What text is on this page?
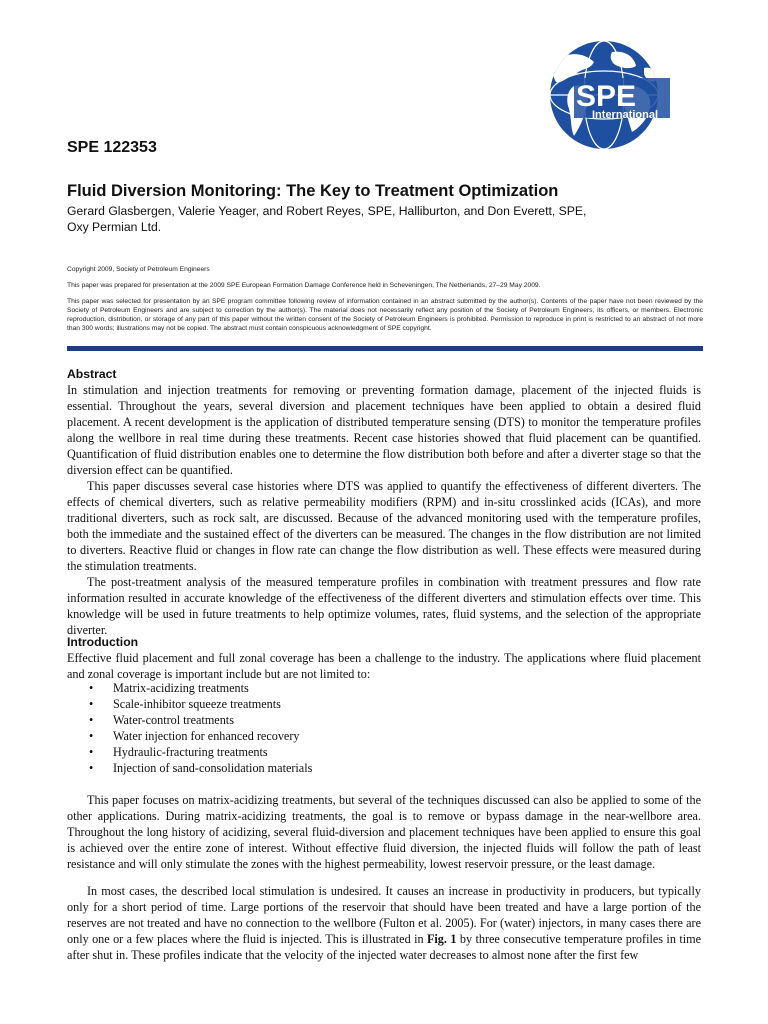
SPE
International
SPE 122353
Fluid Diversion Monitoring: The Key to Treatment Optimization
Gerard Glasbergen, Valerie Yeager, and Robert Reyes, SPE, Halliburton, and Don Everett, SPE,
Oxy Permian Ltd.
Copyright 2009, Society of Petroleum Engineers
This paper was prepared for presentation at the 2009 SPE European Formation Damage Conference held in Scheveningen, The Netherlands, 27–29 May 2009.
This paper was selected for presentation by an SPE program committee following review of information contained in an abstract submitted by the author(s). Contents of the paper have not been reviewed by the Society of Petroleum Engineers and are subject to correction by the author(s). The material does not necessarily reflect any position of the Society of Petroleum Engineers, its officers, or members. Electronic reproduction, distribution, or storage of any part of this paper without the written consent of the Society of Petroleum Engineers is prohibited. Permission to reproduce in print is restricted to an abstract of not more than 300 words; illustrations may not be copied. The abstract must contain conspicuous acknowledgment of SPE copyright.
Abstract

In stimulation and injection treatments for removing or preventing formation damage, placement of the injected fluids is essential. Throughout the years, several diversion and placement techniques have been applied to obtain a desired fluid placement. A recent development is the application of distributed temperature sensing (DTS) to monitor the temperature profiles along the wellbore in real time during these treatments. Recent case histories showed that fluid placement can be quantified. Quantification of fluid distribution enables one to determine the flow distribution both before and after a diverter stage so that the diversion effect can be quantified.

This paper discusses several case histories where DTS was applied to quantify the effectiveness of different diverters. The effects of chemical diverters, such as relative permeability modifiers (RPM) and in-situ crosslinked acids (ICAs), and more traditional diverters, such as rock salt, are discussed. Because of the advanced monitoring used with the temperature profiles, both the immediate and the sustained effect of the diverters can be measured. The changes in the flow distribution are not limited to diverters. Reactive fluid or changes in flow rate can change the flow distribution as well. These effects were measured during the stimulation treatments.

The post-treatment analysis of the measured temperature profiles in combination with treatment pressures and flow rate information resulted in accurate knowledge of the effectiveness of the different diverters and stimulation effects over time. This knowledge will be used in future treatments to help optimize volumes, rates, fluid systems, and the selection of the appropriate diverter.

Introduction

Effective fluid placement and full zonal coverage has been a challenge to the industry. The applications where fluid placement and zonal coverage is important include but are not limited to:

• Matrix-acidizing treatments
• Scale-inhibitor squeeze treatments
• Water-control treatments
• Water injection for enhanced recovery
• Hydraulic-fracturing treatments
• Injection of sand-consolidation materials

This paper focuses on matrix-acidizing treatments, but several of the techniques discussed can also be applied to some of the other applications. During matrix-acidizing treatments, the goal is to remove or bypass damage in the near-wellbore area. Throughout the long history of acidizing, several fluid-diversion and placement techniques have been applied to ensure this goal is achieved over the entire zone of interest. Without effective fluid diversion, the injected fluids will follow the path of least resistance and will only stimulate the zones with the highest permeability, lowest reservoir pressure, or the least damage.

In most cases, the described local stimulation is undesired. It causes an increase in productivity in producers, but typically only for a short period of time. Large portions of the reservoir that should have been treated and have a large portion of the reserves are not treated and have no connection to the wellbore (Fulton et al. 2005). For (water) injectors, in many cases there are only one or a few places where the fluid is injected. This is illustrated in Fig. 1 by three consecutive temperature profiles in time after shut in. These profiles indicate that the velocity of the injected water decreases to almost none after the first few
